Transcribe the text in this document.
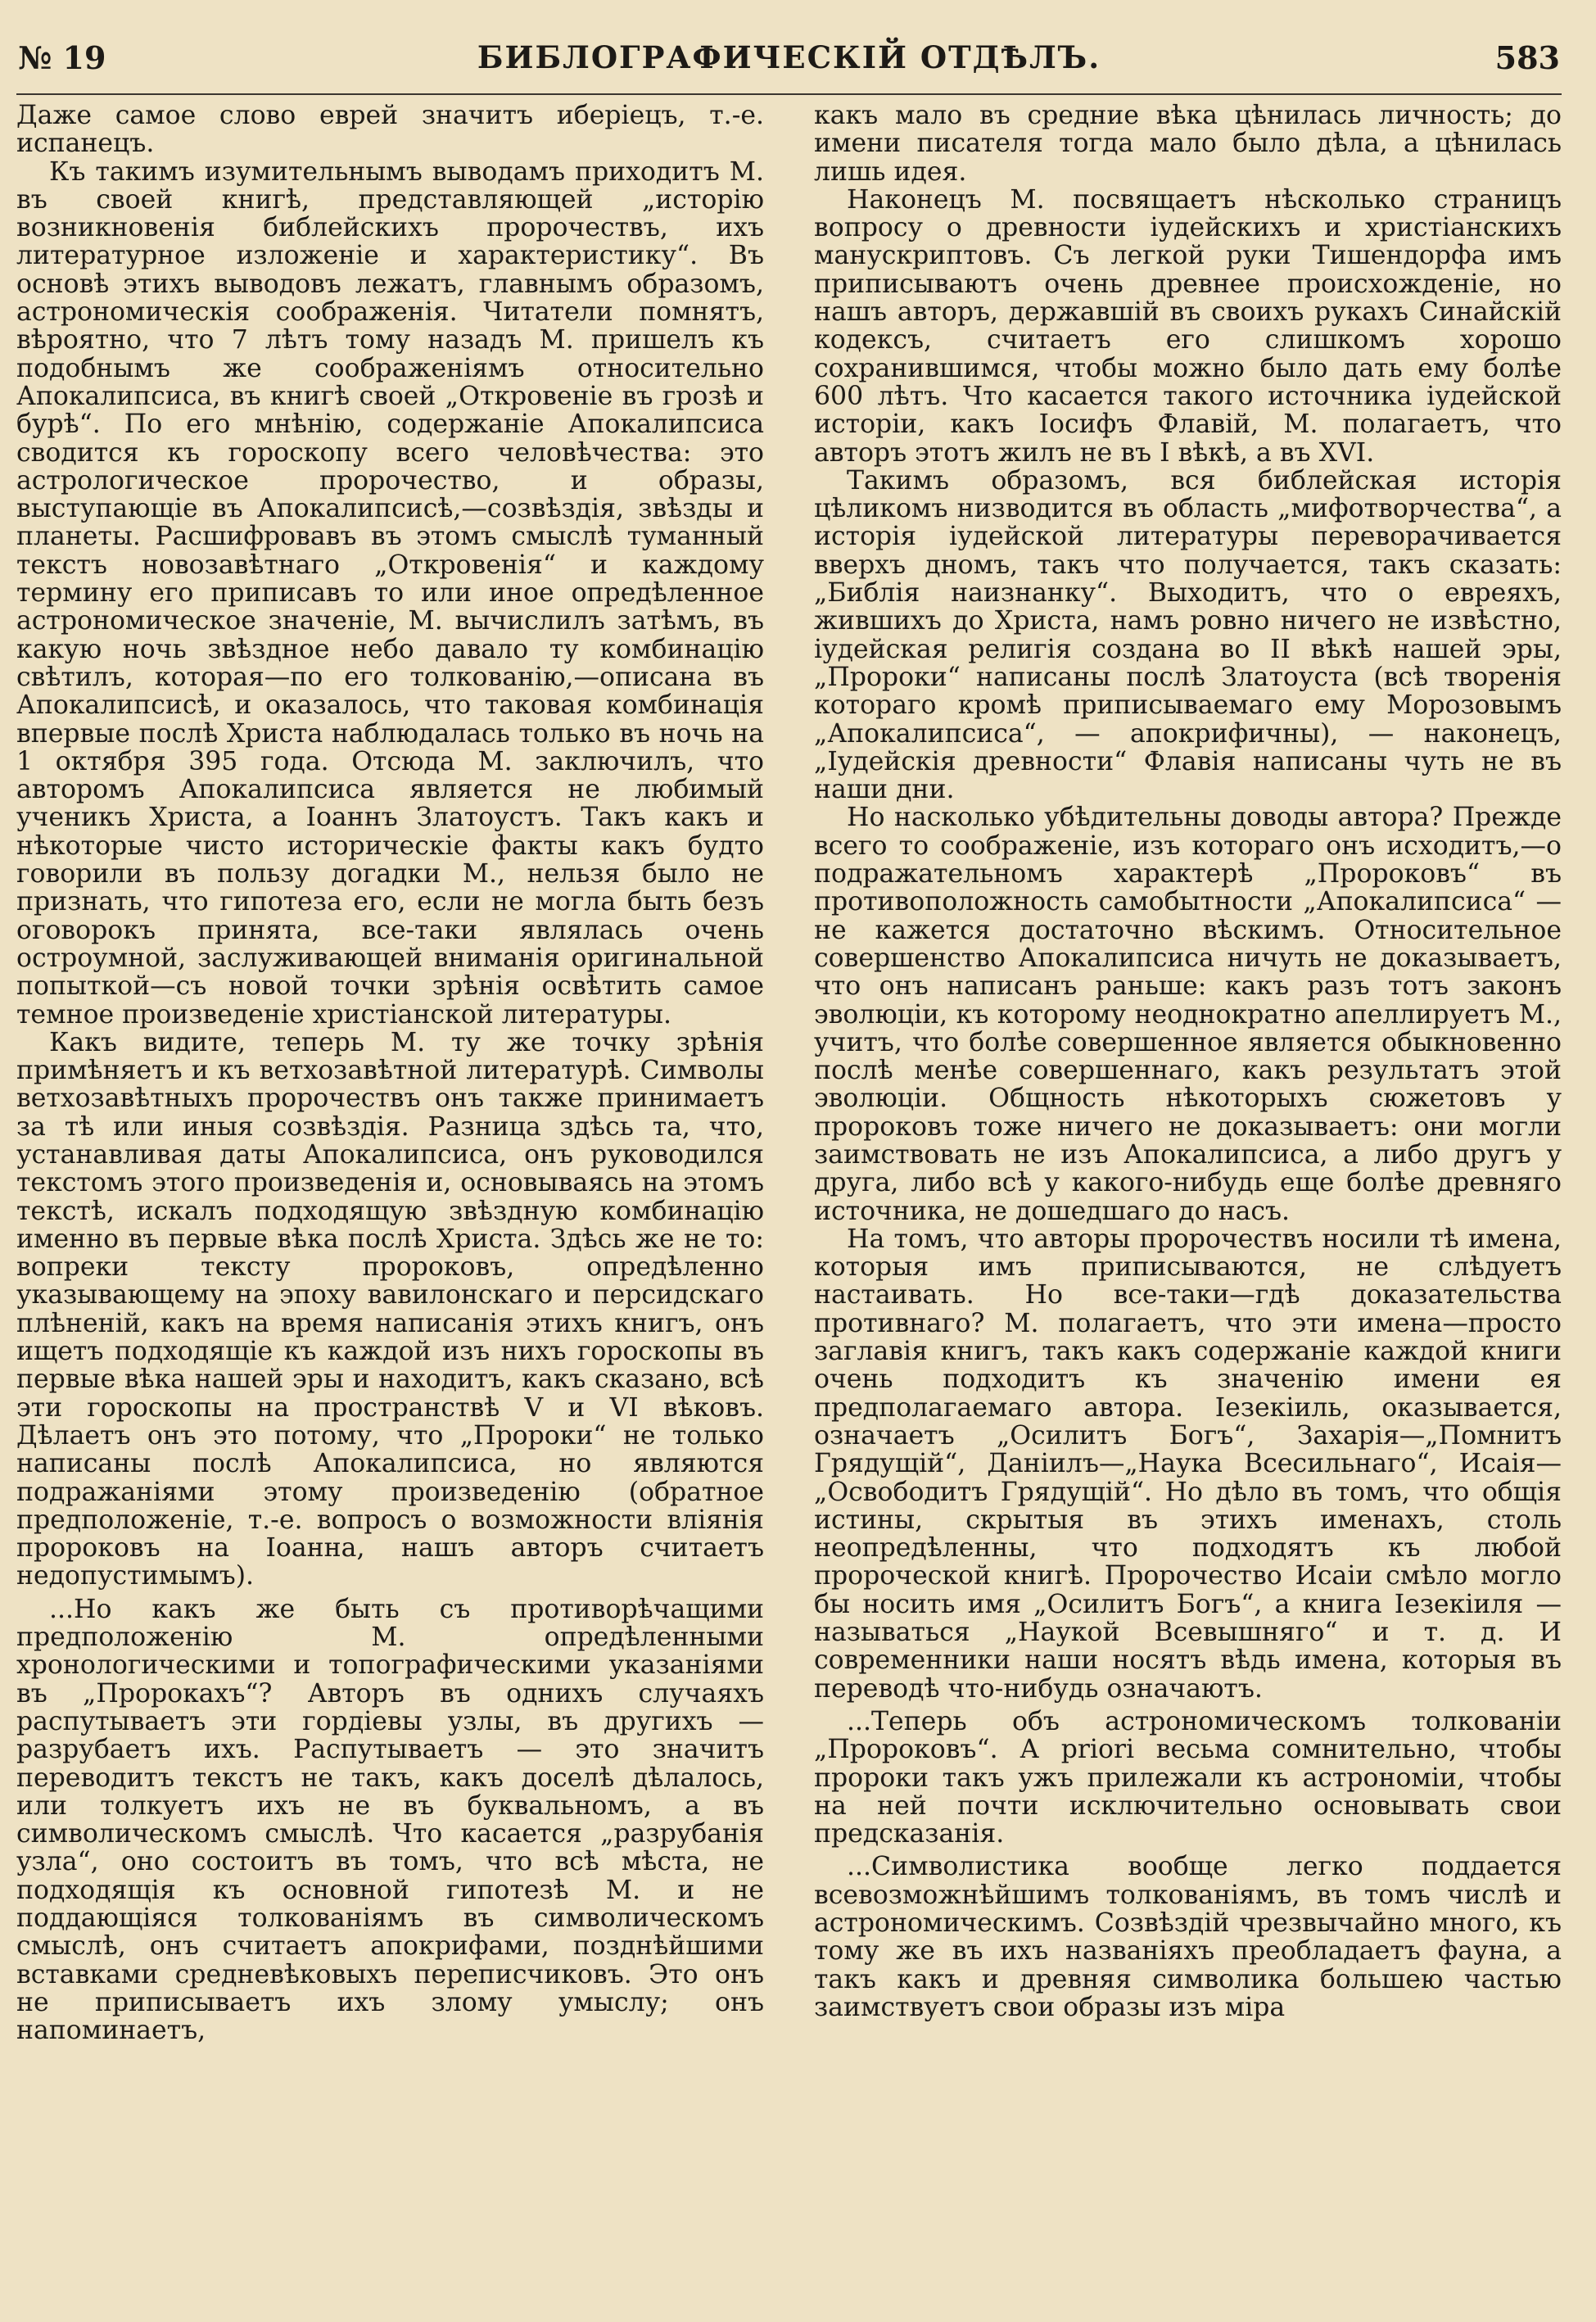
№ 19	БИБЛОГРАФИЧЕСКIЙ ОТДѢЛЪ.	583

Даже самое слово еврей значитъ иберiецъ, т.-е. испанецъ.

Къ такимъ изумительнымъ выводамъ приходитъ М. въ своей книгѣ, представляющей „исторiю возникновенiя библейскихъ пророчествъ, ихъ литературное изложенiе и характеристику“. Въ основѣ этихъ выводовъ лежатъ, главнымъ образомъ, астрономическiя соображенiя. Читатели помнятъ, вѣроятно, что 7 лѣтъ тому назадъ М. пришелъ къ подобнымъ же соображенiямъ относительно Апокалипсиса, въ книгѣ своей „Откровенiе въ грозѣ и бурѣ“. По его мнѣнiю, содержанiе Апокалипсиса сводится къ гороскопу всего человѣчества: это астрологическое пророчество, и образы, выступающiе въ Апокалипсисѣ,—созвѣздiя, звѣзды и планеты. Расшифровавъ въ этомъ смыслѣ туманный текстъ новозавѣтнаго „Откровенiя“ и каждому термину его приписавъ то или иное опредѣленное астрономическое значенiе, М. вычислилъ затѣмъ, въ какую ночь звѣздное небо давало ту комбинацiю свѣтилъ, которая—по его толкованiю,—описана въ Апокалипсисѣ, и оказалось, что таковая комбинацiя впервые послѣ Христа наблюдалась только въ ночь на 1 октября 395 года. Отсюда М. заключилъ, что авторомъ Апокалипсиса является не любимый ученикъ Христа, а Iоаннъ Златоустъ. Такъ какъ и нѣкоторые чисто историческiе факты какъ будто говорили въ пользу догадки М., нельзя было не признать, что гипотеза его, если не могла быть безъ оговорокъ принята, все-таки являлась очень остроумной, заслуживающей вниманiя оригинальной попыткой—съ новой точки зрѣнiя освѣтить самое темное произведенiе христiанской литературы.

Какъ видите, теперь М. ту же точку зрѣнiя примѣняетъ и къ ветхозавѣтной литературѣ. Символы ветхозавѣтныхъ пророчествъ онъ также принимаетъ за тѣ или иныя созвѣздiя. Разница здѣсь та, что, устанавливая даты Апокалипсиса, онъ руководился текстомъ этого произведенiя и, основываясь на этомъ текстѣ, искалъ подходящую звѣздную комбинацiю именно въ первые вѣка послѣ Христа. Здѣсь же не то: вопреки тексту пророковъ, опредѣленно указывающему на эпоху вавилонскаго и персидскаго плѣненiй, какъ на время написанiя этихъ книгъ, онъ ищетъ подходящiе къ каждой изъ нихъ гороскопы въ первые вѣка нашей эры и находитъ, какъ сказано, всѣ эти гороскопы на пространствѣ V и VI вѣковъ. Дѣлаетъ онъ это потому, что „Пророки“ не только написаны послѣ Апокалипсиса, но являются подражанiями этому произведенiю (обратное предположенiе, т.-е. вопросъ о возможности влiянiя пророковъ на Iоанна, нашъ авторъ считаетъ недопустимымъ).

...Но какъ же быть съ противорѣчащими предположенiю М. опредѣленными хронологическими и топографическими указанiями въ „Пророкахъ“? Авторъ въ однихъ случаяхъ распутываетъ эти гордiевы узлы, въ другихъ — разрубаетъ ихъ. Распутываетъ — это значитъ переводитъ текстъ не такъ, какъ доселѣ дѣлалось, или толкуетъ ихъ не въ буквальномъ, а въ символическомъ смыслѣ. Что касается „разрубанiя узла“, оно состоитъ въ томъ, что всѣ мѣста, не подходящiя къ основной гипотезѣ М. и не поддающiяся толкованiямъ въ символическомъ смыслѣ, онъ считаетъ апокрифами, позднѣйшими вставками средневѣковыхъ переписчиковъ. Это онъ не приписываетъ ихъ злому умыслу; онъ напоминаетъ,

какъ мало въ средние вѣка цѣнилась личность; до имени писателя тогда мало было дѣла, а цѣнилась лишь идея.

Наконецъ М. посвящаетъ нѣсколько страницъ вопросу о древности iудейскихъ и христiанскихъ манускриптовъ. Съ легкой руки Тишендорфа имъ приписываютъ очень древнее происхожденiе, но нашъ авторъ, державшiй въ своихъ рукахъ Синайскiй кодексъ, считаетъ его слишкомъ хорошо сохранившимся, чтобы можно было дать ему болѣе 600 лѣтъ. Что касается такого источника iудейской исторiи, какъ Iосифъ Флавiй, М. полагаетъ, что авторъ этотъ жилъ не въ I вѣкѣ, а въ XVI.

Такимъ образомъ, вся библейская исторiя цѣликомъ низводится въ область „мифотворчества“, а исторiя iудейской литературы переворачивается вверхъ дномъ, такъ что получается, такъ сказать: „Библiя наизнанку“. Выходитъ, что о евреяхъ, жившихъ до Христа, намъ ровно ничего не извѣстно, iудейская религiя создана во II вѣкѣ нашей эры, „Пророки“ написаны послѣ Златоуста (всѣ творенiя котораго кромѣ приписываемаго ему Морозовымъ „Апокалипсиса“, — апокрифичны), — наконецъ, „Iудейскiя древности“ Флавiя написаны чуть не въ наши дни.

Но насколько убѣдительны доводы автора? Прежде всего то соображенiе, изъ котораго онъ исходитъ,—о подражательномъ характерѣ „Пророковъ“ въ противоположность самобытности „Апокалипсиса“ — не кажется достаточно вѣскимъ. Относительное совершенство Апокалипсиса ничуть не доказываетъ, что онъ написанъ раньше: какъ разъ тотъ законъ эволюцiи, къ которому неоднократно апеллируетъ М., учитъ, что болѣе совершенное является обыкновенно послѣ менѣе совершеннаго, какъ результатъ этой эволюцiи. Общность нѣкоторыхъ сюжетовъ у пророковъ тоже ничего не доказываетъ: они могли заимствовать не изъ Апокалипсиса, а либо другъ у друга, либо всѣ у какого-нибудь еще болѣе древняго источника, не дошедшаго до насъ.

На томъ, что авторы пророчествъ носили тѣ имена, которыя имъ приписываются, не слѣдуетъ настаивать. Но все-таки—гдѣ доказательства противнаго? М. полагаетъ, что эти имена—просто заглавiя книгъ, такъ какъ содержанiе каждой книги очень подходитъ къ значенiю имени ея предполагаемаго автора. Iезекiиль, оказывается, означаетъ „Осилитъ Богъ“, Захарiя—„Помнитъ Грядущiй“, Данiилъ—„Наука Всесильнаго“, Исаiя—„Освободитъ Грядущiй“. Но дѣло въ томъ, что общiя истины, скрытыя въ этихъ именахъ, столь неопредѣленны, что подходятъ къ любой пророческой книгѣ. Пророчество Исаiи смѣло могло бы носить имя „Осилитъ Богъ“, а книга Iезекiиля —называться „Наукой Всевышняго“ и т. д. И современники наши носятъ вѣдь имена, которыя въ переводѣ что-нибудь означаютъ.

...Теперь объ астрономическомъ толкованiи „Пророковъ“. А priori весьма сомнительно, чтобы пророки такъ ужъ прилежали къ астрономiи, чтобы на ней почти исключительно основывать свои предсказанiя.

...Символистика вообще легко поддается всевозможнѣйшимъ толкованiямъ, въ томъ числѣ и астрономическимъ. Созвѣздiй чрезвычайно много, къ тому же въ ихъ названiяхъ преобладаетъ фауна, а такъ какъ и древняя символика большею частью заимствуетъ свои образы изъ мiра
